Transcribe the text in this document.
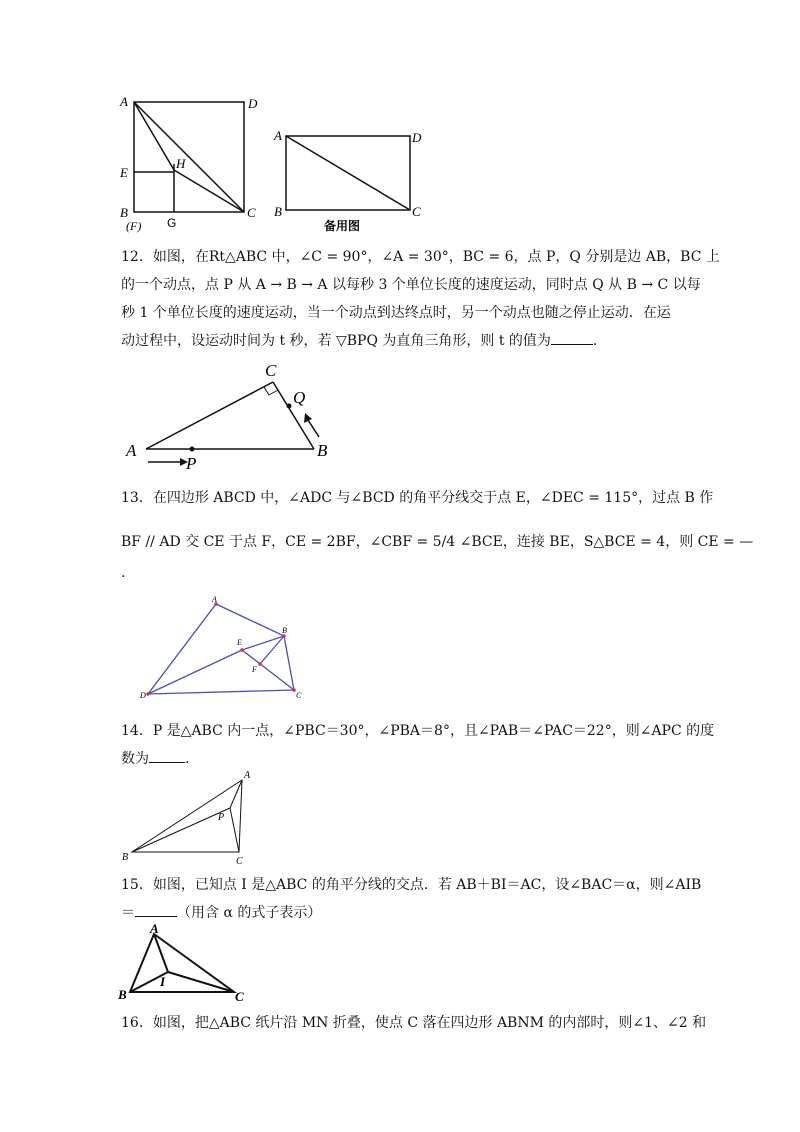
A	D
E
H
B
(F) G
C
A	D
B	C
备用图
12．如图，在Rt△ABC 中，∠C = 90°，∠A = 30°，BC = 6，点 P，Q 分别是边 AB，BC 上
的一个动点，点 P 从 A → B → A 以每秒 3 个单位长度的速度运动，同时点 Q 从 B → C 以每
秒 1 个单位长度的速度运动，当一个动点到达终点时，另一个动点也随之停止运动．在运
动过程中，设运动时间为 t 秒，若 ▽BPQ 为直角三角形，则 t 的值为	.
A	B
C
P
Q
13．在四边形 ABCD 中，∠ADC 与∠BCD 的角平分线交于点 E，∠DEC = 115°，过点 B 作
BF // AD 交 CE 于点 F，CE = 2BF，∠CBF = 5/4 ∠BCE，连接 BE，S△BCE = 4，则 CE = —
.
A
B
C
D
E
F
14．P 是△ABC 内一点，∠PBC＝30°，∠PBA＝8°，且∠PAB＝∠PAC＝22°，则∠APC 的度
数为	.
A
B	C
P
15．如图，已知点 I 是△ABC 的角平分线的交点．若 AB＋BI＝AC，设∠BAC＝α，则∠AIB
＝	（用含 α 的式子表示）
A
B	C
I
16．如图，把△ABC 纸片沿 MN 折叠，使点 C 落在四边形 ABNM 的内部时，则∠1、∠2 和
